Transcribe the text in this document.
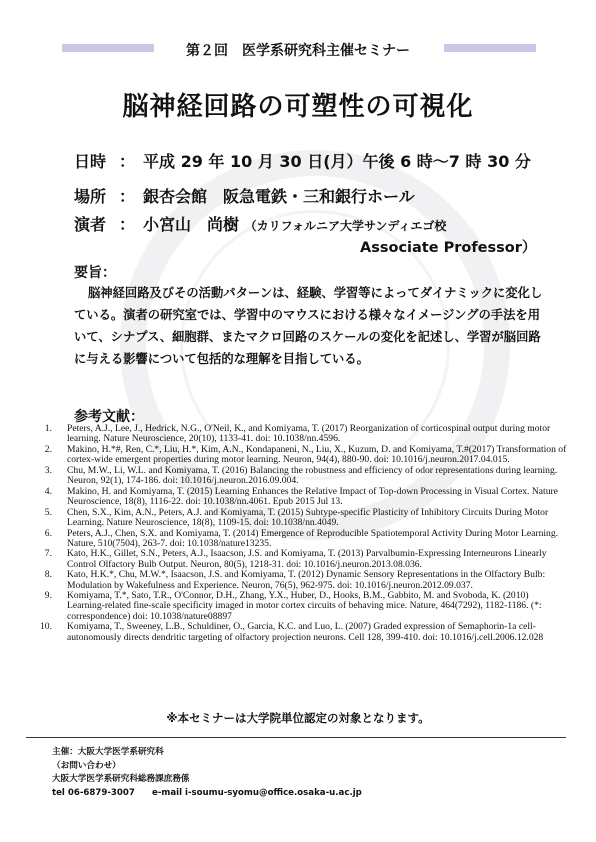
第２回　医学系研究科主催セミナー
脳神経回路の可塑性の可視化
日時 ： 平成 29 年 10 月 30 日(月）午後 6 時～7 時 30 分
場所 ： 銀杏会館　阪急電鉄・三和銀行ホール
演者 ： 小宮山　尚樹 （カリフォルニア大学サンディエゴ校
Associate Professor）
要旨：
脳神経回路及びその活動パターンは、経験、学習等によってダイナミックに変化している。演者の研究室では、学習中のマウスにおける様々なイメージングの手法を用いて、シナプス、細胞群、またマクロ回路のスケールの変化を記述し、学習が脳回路に与える影響について包括的な理解を目指している。
参考文献：
1. Peters, A.J., Lee, J., Hedrick, N.G., O'Neil, K., and Komiyama, T. (2017) Reorganization of corticospinal output during motor learning. Nature Neuroscience, 20(10), 1133-41. doi: 10.1038/nn.4596.
2. Makino, H.*#, Ren, C.*, Liu, H.*, Kim, A.N., Kondapaneni, N., Liu, X., Kuzum, D. and Komiyama, T.#(2017) Transformation of cortex-wide emergent properties during motor learning. Neuron, 94(4), 880-90. doi: 10.1016/j.neuron.2017.04.015.
3. Chu, M.W., Li, W.L. and Komiyama, T. (2016) Balancing the robustness and efficiency of odor representations during learning. Neuron, 92(1), 174-186. doi: 10.1016/j.neuron.2016.09.004.
4. Makino, H. and Komiyama, T. (2015) Learning Enhances the Relative Impact of Top-down Processing in Visual Cortex. Nature Neuroscience, 18(8), 1116-22. doi: 10.1038/nn.4061. Epub 2015 Jul 13.
5. Chen, S.X., Kim, A.N., Peters, A.J. and Komiyama, T. (2015) Subtype-specific Plasticity of Inhibitory Circuits During Motor Learning. Nature Neuroscience, 18(8), 1109-15. doi: 10.1038/nn.4049.
6. Peters, A.J., Chen, S.X. and Komiyama, T. (2014) Emergence of Reproducible Spatiotemporal Activity During Motor Learning. Nature, 510(7504), 263-7. doi: 10.1038/nature13235.
7. Kato, H.K., Gillet, S.N., Peters, A.J., Isaacson, J.S. and Komiyama, T. (2013) Parvalbumin-Expressing Interneurons Linearly Control Olfactory Bulb Output. Neuron, 80(5), 1218-31. doi: 10.1016/j.neuron.2013.08.036.
8. Kato, H.K.*, Chu, M.W.*, Isaacson, J.S. and Komiyama, T. (2012) Dynamic Sensory Representations in the Olfactory Bulb: Modulation by Wakefulness and Experience. Neuron, 76(5), 962-975. doi: 10.1016/j.neuron.2012.09.037.
9. Komiyama, T.*, Sato, T.R., O'Connor, D.H., Zhang, Y.X., Huber, D., Hooks, B.M., Gabbito, M. and Svoboda, K. (2010) Learning-related fine-scale specificity imaged in motor cortex circuits of behaving mice. Nature, 464(7292), 1182-1186. (*: correspondence) doi: 10.1038/nature08897
10. Komiyama, T., Sweeney, L.B., Schuldiner, O., Garcia, K.C. and Luo, L. (2007) Graded expression of Semaphorin-1a cell-autonomously directs dendritic targeting of olfactory projection neurons. Cell 128, 399-410. doi: 10.1016/j.cell.2006.12.028
※本セミナーは大学院単位認定の対象となります。
主催：大阪大学医学系研究科
（お問い合わせ）
大阪大学医学系研究科総務課庶務係
tel 06-6879-3007　　e-mail i-soumu-syomu@office.osaka-u.ac.jp
